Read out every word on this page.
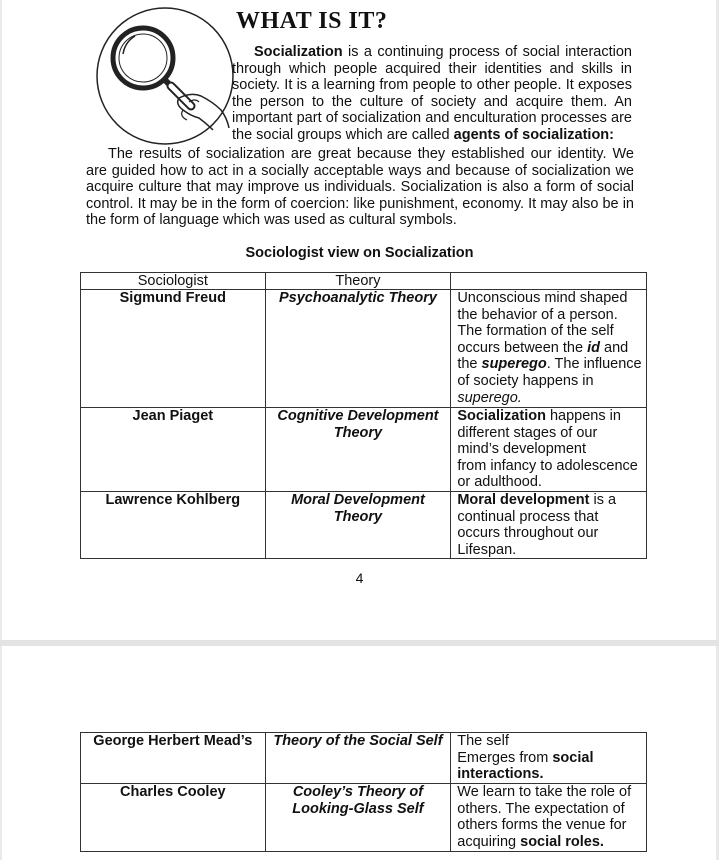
WHAT IS IT?
Socialization is a continuing process of social interaction through which people acquired their identities and skills in society. It is a learning from people to other people. It exposes the person to the culture of society and acquire them. An important part of socialization and enculturation processes are the social groups which are called agents of socialization:
The results of socialization are great because they established our identity. We are guided how to act in a socially acceptable ways and because of socialization we acquire culture that may improve us individuals. Socialization is also a form of social control. It may be in the form of coercion: like punishment, economy. It may also be in the form of language which was used as cultural symbols.
Sociologist view on Socialization
Sociologist	Theory	
Sigmund Freud	Psychoanalytic Theory	Unconscious mind shaped the behavior of a person. The formation of the self occurs between the id and the superego. The influence of society happens in superego.
Jean Piaget	Cognitive Development Theory	Socialization happens in different stages of our mind’s development
from infancy to adolescence or adulthood.
Lawrence Kohlberg	Moral Development Theory	Moral development is a continual process that occurs throughout our Lifespan.
4
George Herbert Mead’s	Theory of the Social Self	The self
Emerges from social interactions.
Charles Cooley	Cooley’s Theory of Looking-Glass Self	We learn to take the role of others. The expectation of others forms the venue for acquiring social roles.
